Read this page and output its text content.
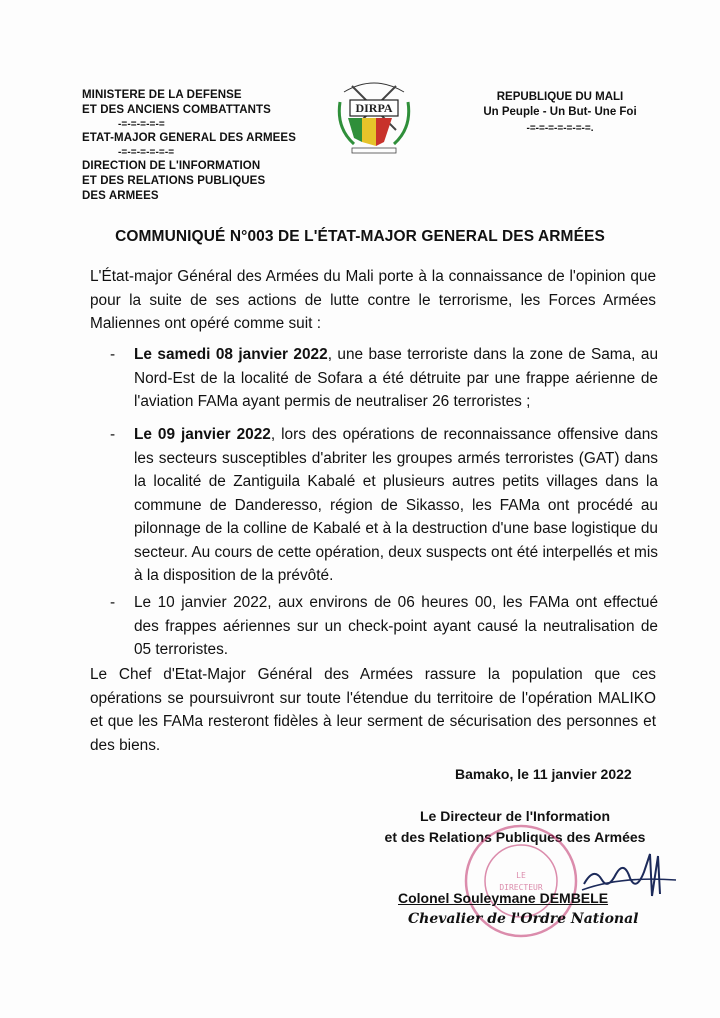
MINISTERE DE LA DEFENSE
ET DES ANCIENS COMBATTANTS
-=-=-=-=-=
ETAT-MAJOR GENERAL DES ARMEES
-=-=-=-=-=-=
DIRECTION DE L'INFORMATION
ET DES RELATIONS PUBLIQUES
DES ARMEES
DIRPA
REPUBLIQUE DU MALI
Un Peuple - Un But- Une Foi
-=-=-=-=-=-=-=.
COMMUNIQUÉ N°003 DE L'ÉTAT-MAJOR GENERAL DES ARMÉES
L'État-major Général des Armées du Mali porte à la connaissance de l'opinion que pour la suite de ses actions de lutte contre le terrorisme, les Forces Armées Maliennes ont opéré comme suit :
-	Le samedi 08 janvier 2022, une base terroriste dans la zone de Sama, au Nord-Est de la localité de Sofara a été détruite par une frappe aérienne de l'aviation FAMa ayant permis de neutraliser 26 terroristes ;
-	Le 09 janvier 2022, lors des opérations de reconnaissance offensive dans les secteurs susceptibles d'abriter les groupes armés terroristes (GAT) dans la localité de Zantiguila Kabalé et plusieurs autres petits villages dans la commune de Danderesso, région de Sikasso, les FAMa ont procédé au pilonnage de la colline de Kabalé et à la destruction d'une base logistique du secteur. Au cours de cette opération, deux suspects ont été interpellés et mis à la disposition de la prévôté.
-	Le 10 janvier 2022, aux environs de 06 heures 00, les FAMa ont effectué des frappes aériennes sur un check-point ayant causé la neutralisation de 05 terroristes.
Le Chef d'Etat-Major Général des Armées rassure la population que ces opérations se poursuivront sur toute l'étendue du territoire de l'opération MALIKO et que les FAMa resteront fidèles à leur serment de sécurisation des personnes et des biens.
Bamako, le 11 janvier 2022
Le Directeur de l'Information
et des Relations Publiques des Armées
LE
DIRECTEUR
Colonel Souleymane DEMBELE
Chevalier de l'Ordre National
